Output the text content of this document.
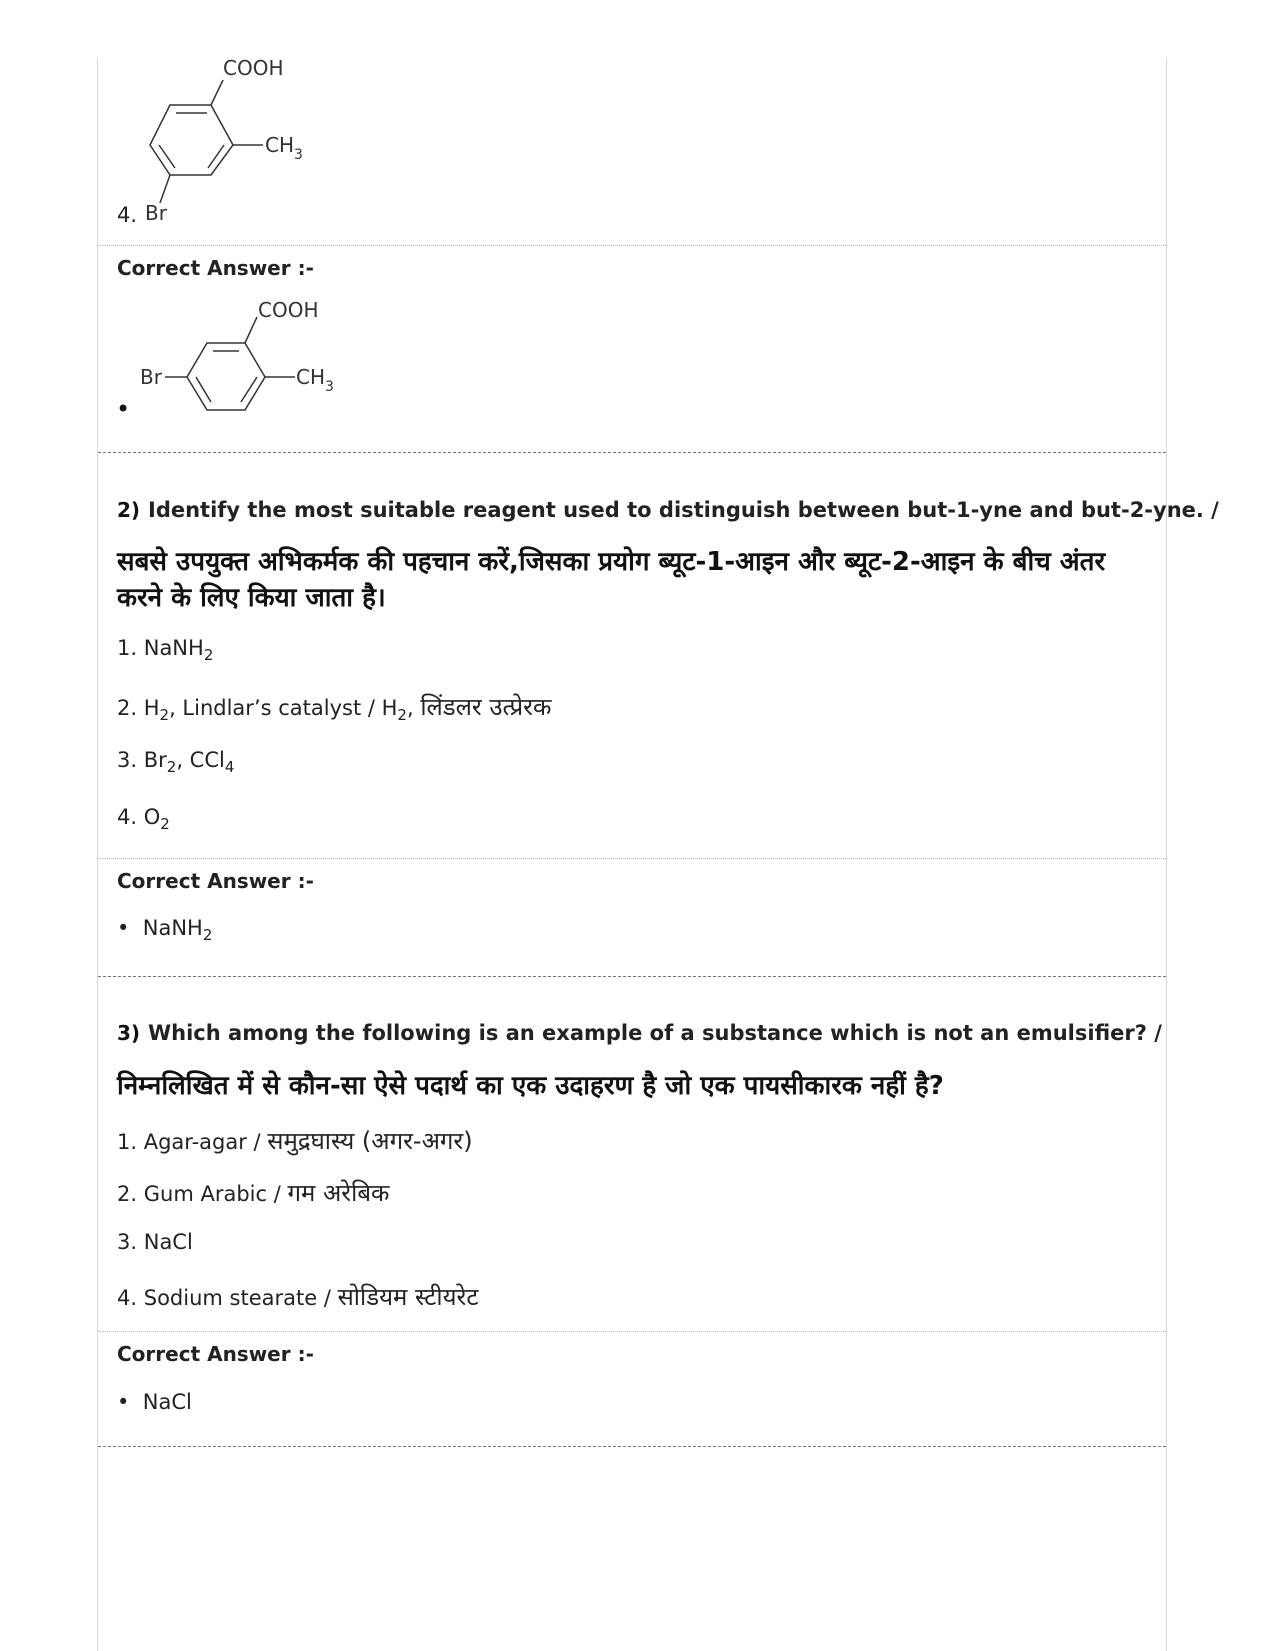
COOH
$CH_3$
Br
4.
Correct Answer :-
COOH
Br	$CH_3$
•
2) Identify the most suitable reagent used to distinguish between but-1-yne and but-2-yne. /
सबसे उपयुक्त अभिकर्मक की पहचान करें,जिसका प्रयोग ब्यूट-1-आइन और ब्यूट-2-आइन के बीच अंतर करने के लिए किया जाता है।
1. NaNH$_2$
2. $H_2$, Lindlar’s catalyst / $H_2$, लिंडलर उत्प्रेरक
3. $Br_2$, CCl$_4$
4. $O_2$
Correct Answer :-
• NaNH$_2$
3) Which among the following is an example of a substance which is not an emulsifier? /
निम्नलिखित में से कौन-सा ऐसे पदार्थ का एक उदाहरण है जो एक पायसीकारक नहीं है?
1. Agar-agar / समुद्रघास्य (अगर-अगर)
2. Gum Arabic / गम अरेबिक
3. NaCl
4. Sodium stearate / सोडियम स्टीयरेट
Correct Answer :-
• NaCl
